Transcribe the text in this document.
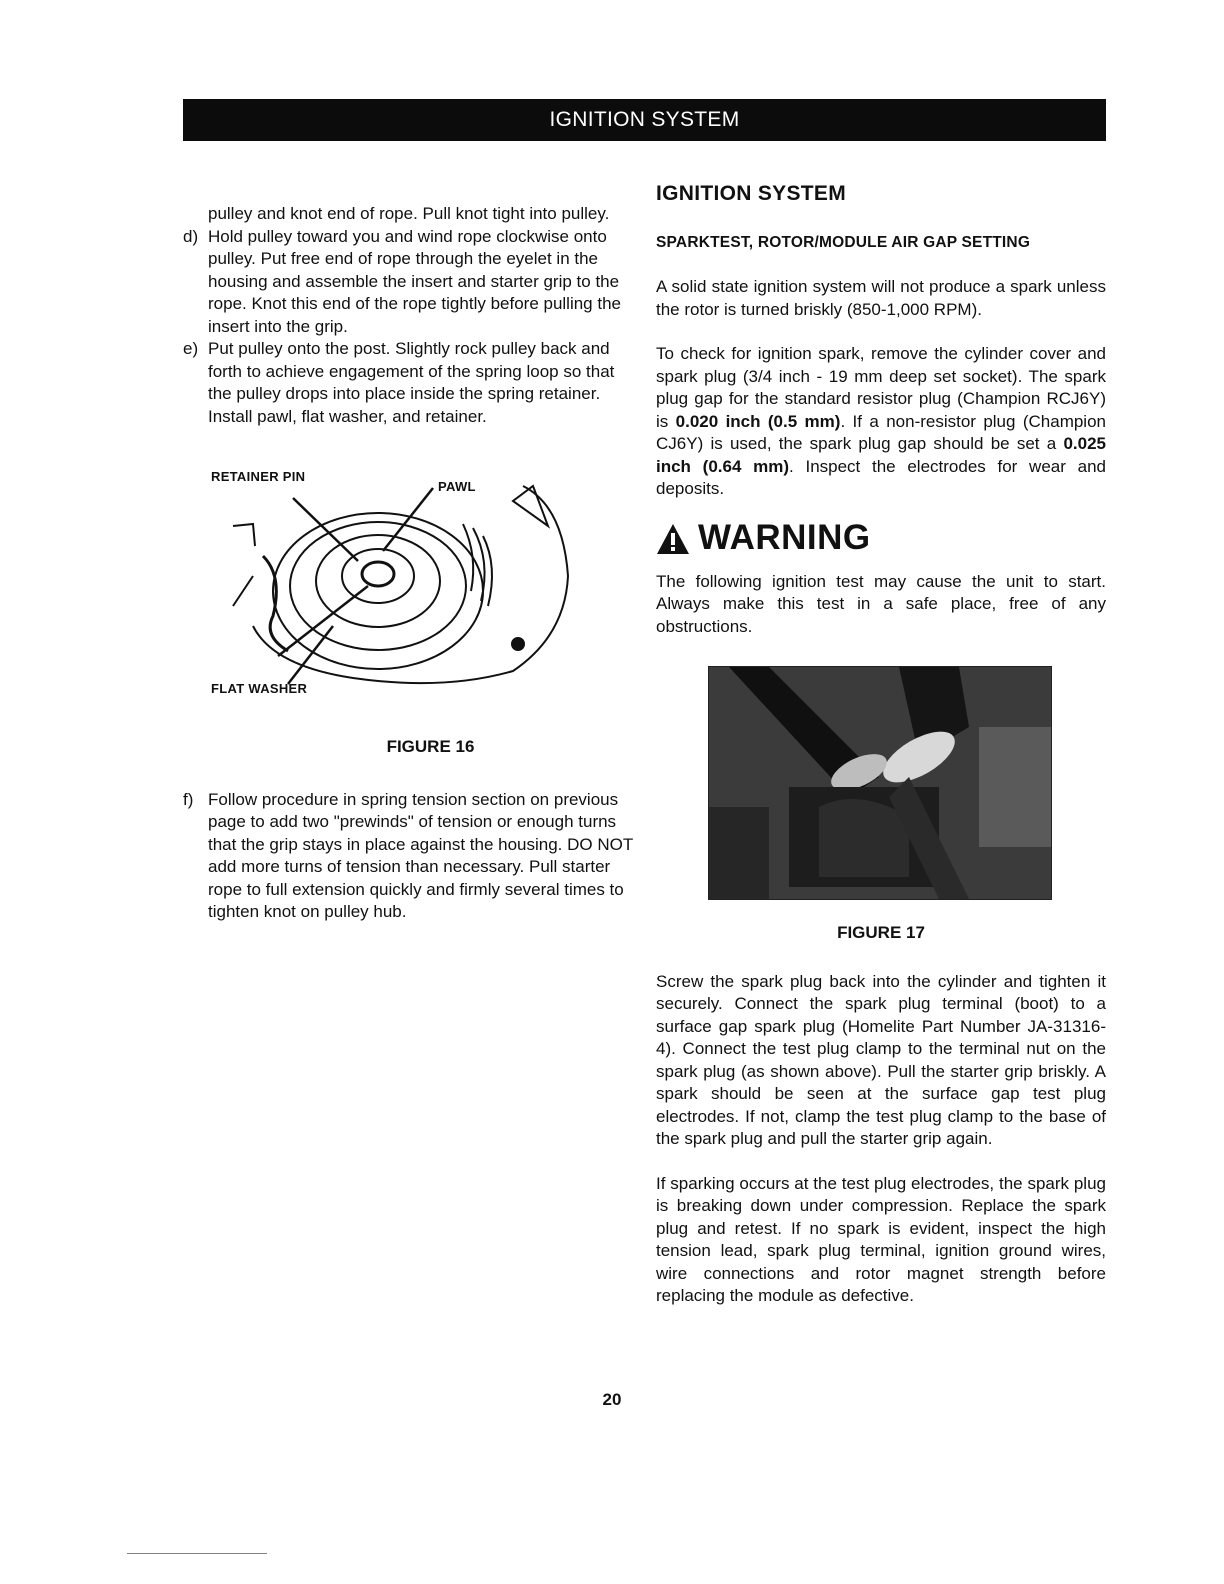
IGNITION SYSTEM

pulley and knot end of rope. Pull knot tight into pulley.

d) Hold pulley toward you and wind rope clockwise onto pulley. Put free end of rope through the eyelet in the housing and assemble the insert and starter grip to the rope. Knot this end of the rope tightly before pulling the insert into the grip.
e) Put pulley onto the post. Slightly rock pulley back and forth to achieve engagement of the spring loop so that the pulley drops into place inside the spring retainer. Install pawl, flat washer, and retainer.
RETAINER PIN
PAWL
FLAT WASHER
FIGURE 16
f) Follow procedure in spring tension section on previous page to add two "prewinds" of tension or enough turns that the grip stays in place against the housing. DO NOT add more turns of tension than necessary. Pull starter rope to full extension quickly and firmly several times to tighten knot on pulley hub.
IGNITION SYSTEM
SPARKTEST, ROTOR/MODULE AIR GAP SETTING

A solid state ignition system will not produce a spark unless the rotor is turned briskly (850-1,000 RPM).

To check for ignition spark, remove the cylinder cover and spark plug (3/4 inch - 19 mm deep set socket). The spark plug gap for the standard resistor plug (Champion RCJ6Y) is 0.020 inch (0.5 mm). If a non-resistor plug (Champion CJ6Y) is used, the spark plug gap should be set a 0.025 inch (0.64 mm). Inspect the electrodes for wear and deposits.

WARNING

The following ignition test may cause the unit to start. Always make this test in a safe place, free of any obstructions.

FIGURE 17

Screw the spark plug back into the cylinder and tighten it securely. Connect the spark plug terminal (boot) to a surface gap spark plug (Homelite Part Number JA-31316-4). Connect the test plug clamp to the terminal nut on the spark plug (as shown above). Pull the starter grip briskly. A spark should be seen at the surface gap test plug electrodes. If not, clamp the test plug clamp to the base of the spark plug and pull the starter grip again.

If sparking occurs at the test plug electrodes, the spark plug is breaking down under compression. Replace the spark plug and retest. If no spark is evident, inspect the high tension lead, spark plug terminal, ignition ground wires, wire connections and rotor magnet strength before replacing the module as defective.

20
